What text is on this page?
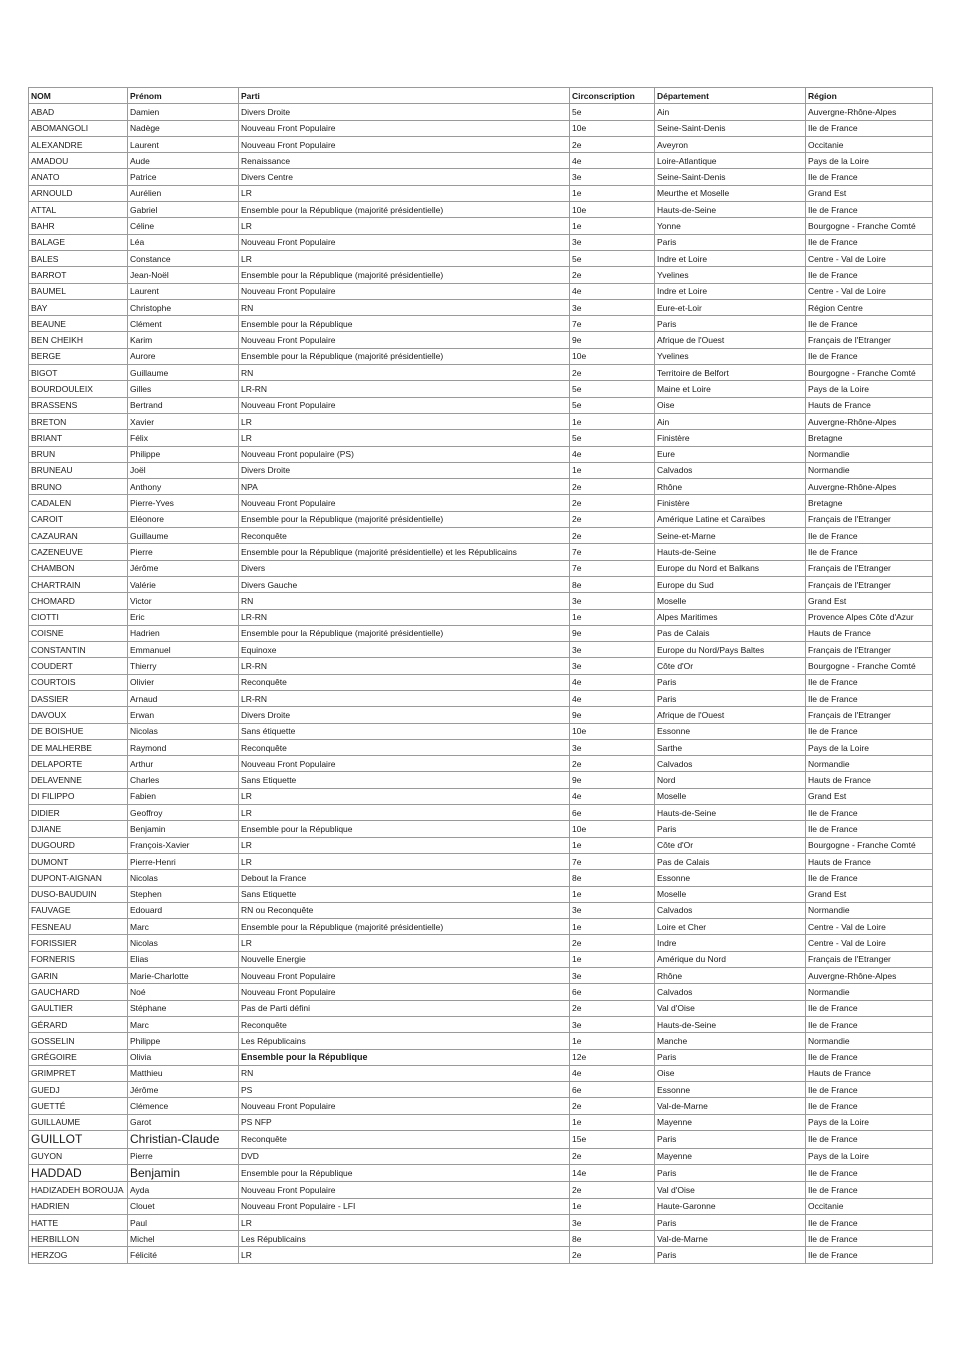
NOM	Prénom	Parti	Circonscription	Département	Région
ABAD	Damien	Divers Droite	5e	Ain	Auvergne-Rhône-Alpes
ABOMANGOLI	Nadège	Nouveau Front Populaire	10e	Seine-Saint-Denis	Ile de France
ALEXANDRE	Laurent	Nouveau Front Populaire	2e	Aveyron	Occitanie
AMADOU	Aude	Renaissance	4e	Loire-Atlantique	Pays de la Loire
ANATO	Patrice	Divers Centre	3e	Seine-Saint-Denis	Ile de France
ARNOULD	Aurélien	LR	1e	Meurthe et Moselle	Grand Est
ATTAL	Gabriel	Ensemble pour la République (majorité présidentielle)	10e	Hauts-de-Seine	Ile de France
BAHR	Céline	LR	1e	Yonne	Bourgogne - Franche Comté
BALAGE	Léa	Nouveau Front Populaire	3e	Paris	Ile de France
BALES	Constance	LR	5e	Indre et Loire	Centre - Val de Loire
BARROT	Jean-Noël	Ensemble pour la République (majorité présidentielle)	2e	Yvelines	Ile de France
BAUMEL	Laurent	Nouveau Front Populaire	4e	Indre et Loire	Centre - Val de Loire
BAY	Christophe	RN	3e	Eure-et-Loir	Région Centre
BEAUNE	Clément	Ensemble pour la République	7e	Paris	Ile de France
BEN CHEIKH	Karim	Nouveau Front Populaire	9e	Afrique de l'Ouest	Français de l'Etranger
BERGE	Aurore	Ensemble pour la République (majorité présidentielle)	10e	Yvelines	Ile de France
BIGOT	Guillaume	RN	2e	Territoire de Belfort	Bourgogne - Franche Comté
BOURDOULEIX	Gilles	LR-RN	5e	Maine et Loire	Pays de la Loire
BRASSENS	Bertrand	Nouveau Front Populaire	5e	Oise	Hauts de France
BRETON	Xavier	LR	1e	Ain	Auvergne-Rhône-Alpes
BRIANT	Félix	LR	5e	Finistère	Bretagne
BRUN	Philippe	Nouveau Front populaire (PS)	4e	Eure	Normandie
BRUNEAU	Joël	Divers Droite	1e	Calvados	Normandie
BRUNO	Anthony	NPA	2e	Rhône	Auvergne-Rhône-Alpes
CADALEN	Pierre-Yves	Nouveau Front Populaire	2e	Finistère	Bretagne
CAROIT	Eléonore	Ensemble pour la République (majorité présidentielle)	2e	Amérique Latine et Caraïbes	Français de l'Etranger
CAZAURAN	Guillaume	Reconquête	2e	Seine-et-Marne	Ile de France
CAZENEUVE	Pierre	Ensemble pour la République (majorité présidentielle) et les Républicains	7e	Hauts-de-Seine	Ile de France
CHAMBON	Jérôme	Divers	7e	Europe du Nord et Balkans	Français de l'Etranger
CHARTRAIN	Valérie	Divers Gauche	8e	Europe du Sud	Français de l'Etranger
CHOMARD	Victor	RN	3e	Moselle	Grand Est
CIOTTI	Eric	LR-RN	1e	Alpes Maritimes	Provence Alpes Côte d'Azur
COISNE	Hadrien	Ensemble pour la République (majorité présidentielle)	9e	Pas de Calais	Hauts de France
CONSTANTIN	Emmanuel	Equinoxe	3e	Europe du Nord/Pays Baltes	Français de l'Etranger
COUDERT	Thierry	LR-RN	3e	Côte d'Or	Bourgogne - Franche Comté
COURTOIS	Olivier	Reconquête	4e	Paris	Ile de France
DASSIER	Arnaud	LR-RN	4e	Paris	Ile de France
DAVOUX	Erwan	Divers Droite	9e	Afrique de l'Ouest	Français de l'Etranger
DE BOISHUE	Nicolas	Sans étiquette	10e	Essonne	Ile de France
DE MALHERBE	Raymond	Reconquête	3e	Sarthe	Pays de la Loire
DELAPORTE	Arthur	Nouveau Front Populaire	2e	Calvados	Normandie
DELAVENNE	Charles	Sans Etiquette	9e	Nord	Hauts de France
DI FILIPPO	Fabien	LR	4e	Moselle	Grand Est
DIDIER	Geoffroy	LR	6e	Hauts-de-Seine	Ile de France
DJIANE	Benjamin	Ensemble pour la République	10e	Paris	Ile de France
DUGOURD	François-Xavier	LR	1e	Côte d'Or	Bourgogne - Franche Comté
DUMONT	Pierre-Henri	LR	7e	Pas de Calais	Hauts de France
DUPONT-AIGNAN	Nicolas	Debout la France	8e	Essonne	Ile de France
DUSO-BAUDUIN	Stephen	Sans Etiquette	1e	Moselle	Grand Est
FAUVAGE	Edouard	RN ou Reconquête	3e	Calvados	Normandie
FESNEAU	Marc	Ensemble pour la République (majorité présidentielle)	1e	Loire et Cher	Centre - Val de Loire
FORISSIER	Nicolas	LR	2e	Indre	Centre - Val de Loire
FORNERIS	Elias	Nouvelle Energie	1e	Amérique du Nord	Français de l'Etranger
GARIN	Marie-Charlotte	Nouveau Front Populaire	3e	Rhône	Auvergne-Rhône-Alpes
GAUCHARD	Noé	Nouveau Front Populaire	6e	Calvados	Normandie
GAULTIER	Stéphane	Pas de Parti défini	2e	Val d'Oise	Ile de France
GÉRARD	Marc	Reconquête	3e	Hauts-de-Seine	Ile de France
GOSSELIN	Philippe	Les Républicains	1e	Manche	Normandie
GRÉGOIRE	Olivia	Ensemble pour la République	12e	Paris	Ile de France
GRIMPRET	Matthieu	RN	4e	Oise	Hauts de France
GUEDJ	Jérôme	PS	6e	Essonne	Ile de France
GUETTÉ	Clémence	Nouveau Front Populaire	2e	Val-de-Marne	Ile de France
GUILLAUME	Garot	PS NFP	1e	Mayenne	Pays de la Loire
GUILLOT	Christian-Claude	Reconquête	15e	Paris	Ile de France
GUYON	Pierre	DVD	2e	Mayenne	Pays de la Loire
HADDAD	Benjamin	Ensemble pour la République	14e	Paris	Ile de France
HADIZADEH BOROUJA	Ayda	Nouveau Front Populaire	2e	Val d'Oise	Ile de France
HADRIEN	Clouet	Nouveau Front Populaire - LFI	1e	Haute-Garonne	Occitanie
HATTE	Paul	LR	3e	Paris	Ile de France
HERBILLON	Michel	Les Républicains	8e	Val-de-Marne	Ile de France
HERZOG	Félicité	LR	2e	Paris	Ile de France
